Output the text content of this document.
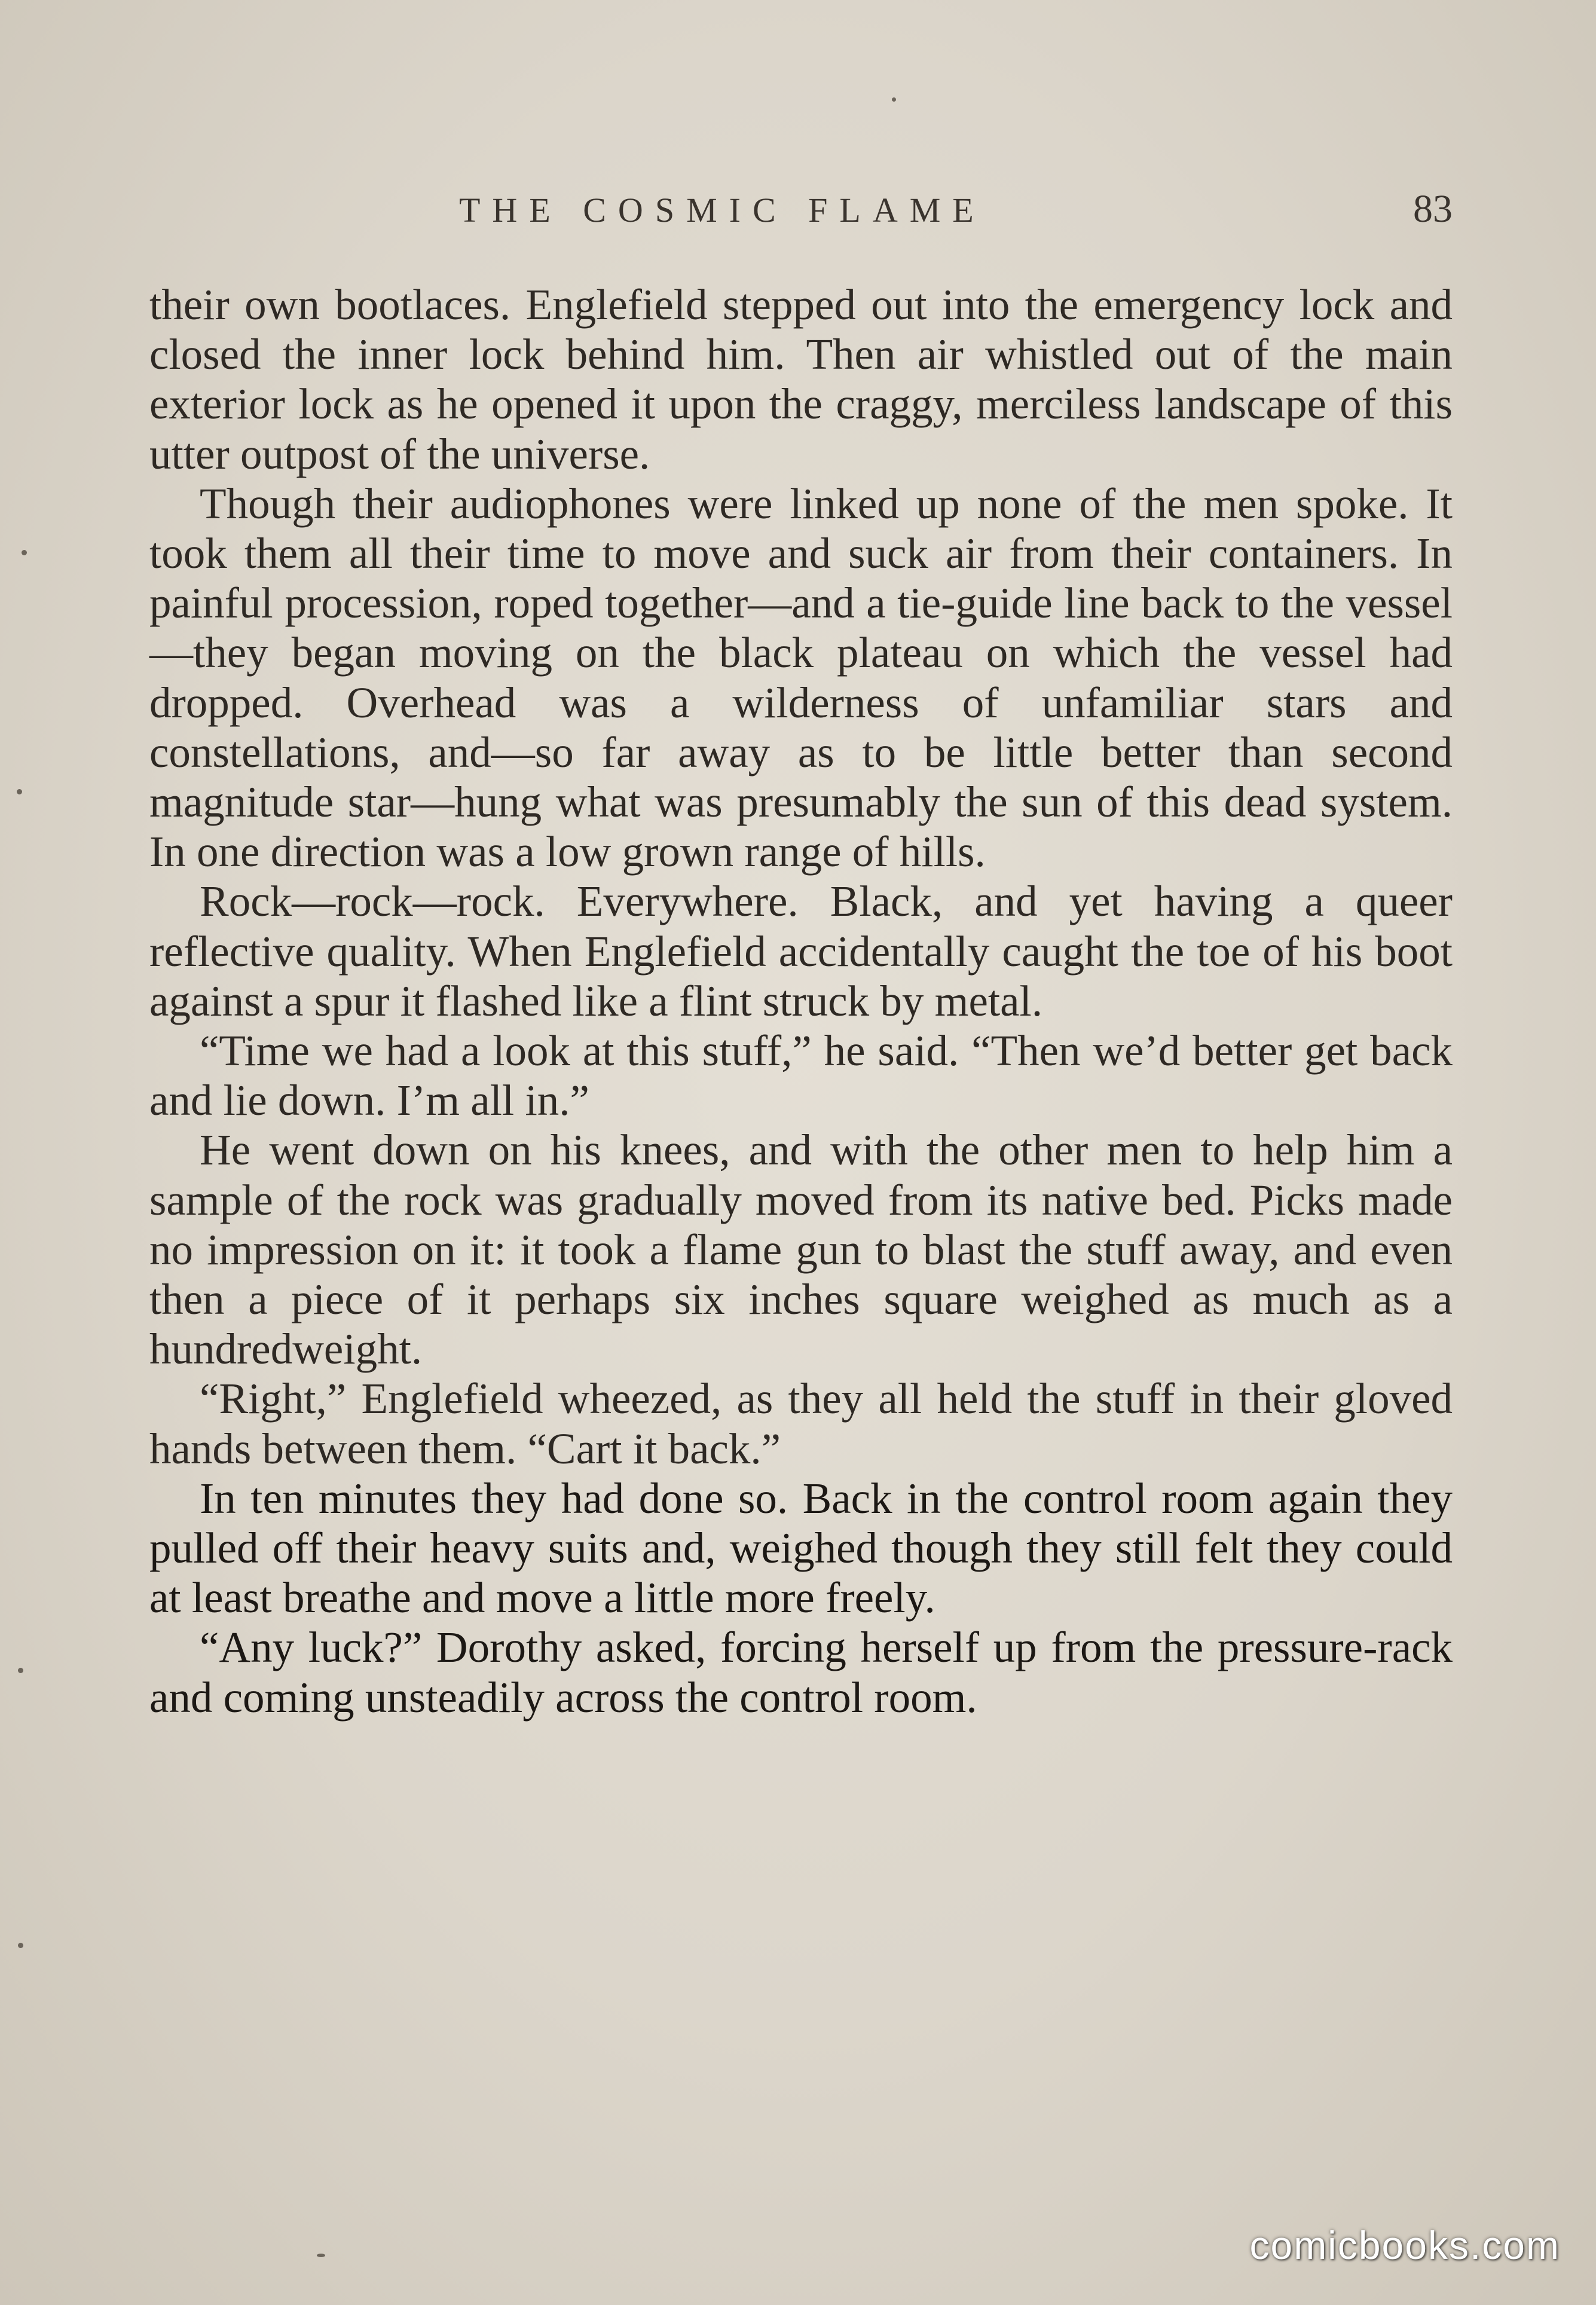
THE COSMIC FLAME	83

their own bootlaces. Englefield stepped out into the emergency lock and closed the inner lock behind him. Then air whistled out of the main exterior lock as he opened it upon the craggy, merciless landscape of this utter outpost of the universe.

Though their audiophones were linked up none of the men spoke. It took them all their time to move and suck air from their containers. In painful procession, roped together—and a tie-guide line back to the vessel—they began moving on the black plateau on which the vessel had dropped. Overhead was a wilderness of unfamiliar stars and constellations, and—so far away as to be little better than second magnitude star—hung what was presumably the sun of this dead system. In one direction was a low grown range of hills.

Rock—rock—rock. Everywhere. Black, and yet having a queer reflective quality. When Englefield accidentally caught the toe of his boot against a spur it flashed like a flint struck by metal.

“Time we had a look at this stuff,” he said. “Then we’d better get back and lie down. I’m all in.”

He went down on his knees, and with the other men to help him a sample of the rock was gradually moved from its native bed. Picks made no impression on it: it took a flame gun to blast the stuff away, and even then a piece of it perhaps six inches square weighed as much as a hundredweight.

“Right,” Englefield wheezed, as they all held the stuff in their gloved hands between them. “Cart it back.”

In ten minutes they had done so. Back in the control room again they pulled off their heavy suits and, weighed though they still felt they could at least breathe and move a little more freely.

“Any luck?” Dorothy asked, forcing herself up from the pressure-rack and coming unsteadily across the control room.

comicbooks.com
